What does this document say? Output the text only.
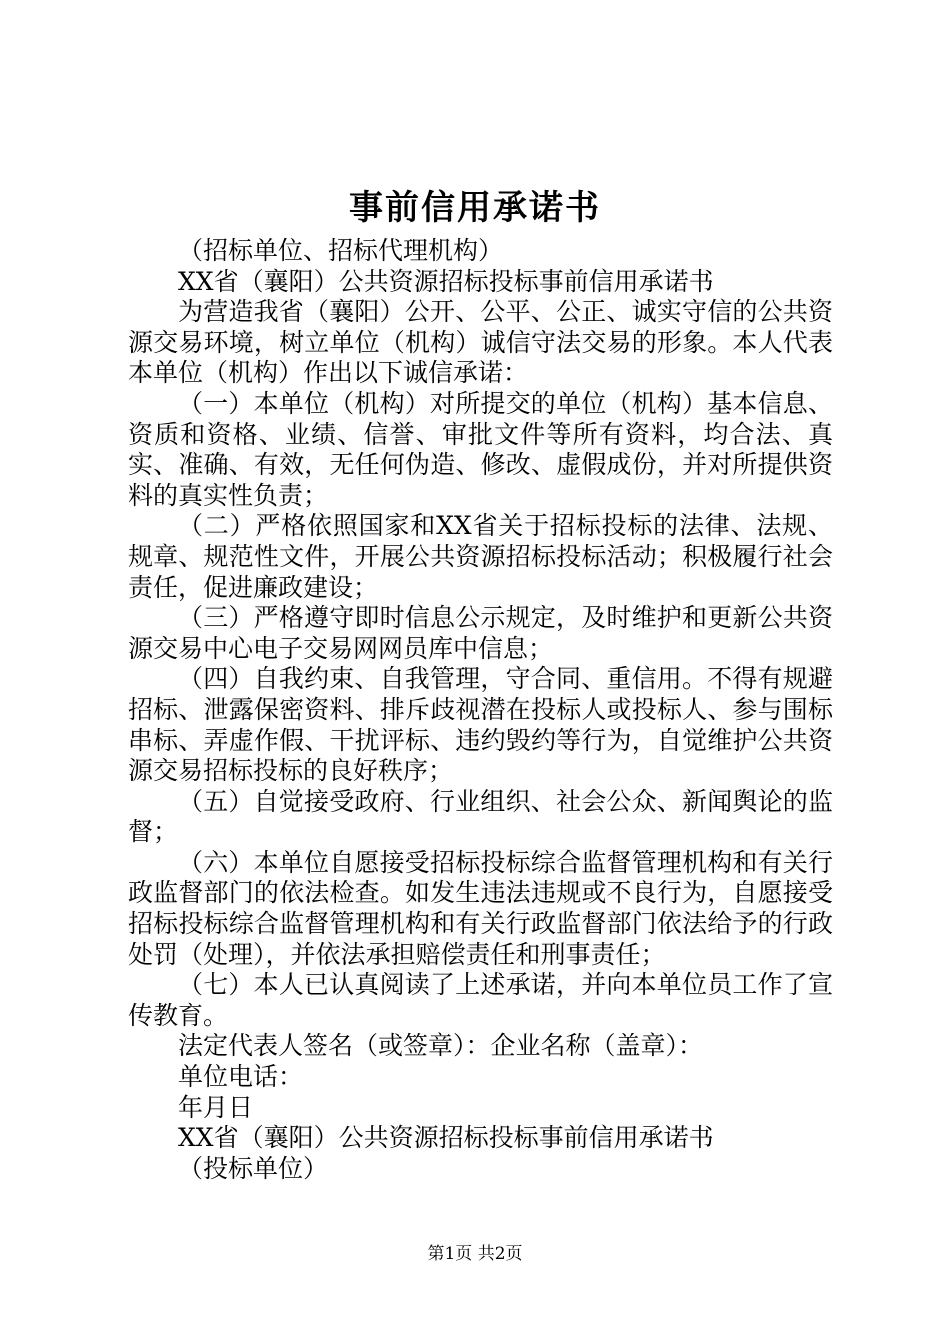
事前信用承诺书

（招标单位、招标代理机构）

XX省（襄阳）公共资源招标投标事前信用承诺书

为营造我省（襄阳）公开、公平、公正、诚实守信的公共资源交易环境，树立单位（机构）诚信守法交易的形象。本人代表本单位（机构）作出以下诚信承诺：

（一）本单位（机构）对所提交的单位（机构）基本信息、资质和资格、业绩、信誉、审批文件等所有资料，均合法、真实、准确、有效，无任何伪造、修改、虚假成份，并对所提供资料的真实性负责；

（二）严格依照国家和XX省关于招标投标的法律、法规、规章、规范性文件，开展公共资源招标投标活动；积极履行社会责任，促进廉政建设；

（三）严格遵守即时信息公示规定，及时维护和更新公共资源交易中心电子交易网网员库中信息；

（四）自我约束、自我管理，守合同、重信用。不得有规避招标、泄露保密资料、排斥歧视潜在投标人或投标人、参与围标串标、弄虚作假、干扰评标、违约毁约等行为，自觉维护公共资源交易招标投标的良好秩序；

（五）自觉接受政府、行业组织、社会公众、新闻舆论的监督；

（六）本单位自愿接受招标投标综合监督管理机构和有关行政监督部门的依法检查。如发生违法违规或不良行为，自愿接受招标投标综合监督管理机构和有关行政监督部门依法给予的行政处罚（处理），并依法承担赔偿责任和刑事责任；

（七）本人已认真阅读了上述承诺，并向本单位员工作了宣传教育。

法定代表人签名（或签章）：企业名称（盖章）：

单位电话：

年月日

XX省（襄阳）公共资源招标投标事前信用承诺书

（投标单位）

第1页 共2页
